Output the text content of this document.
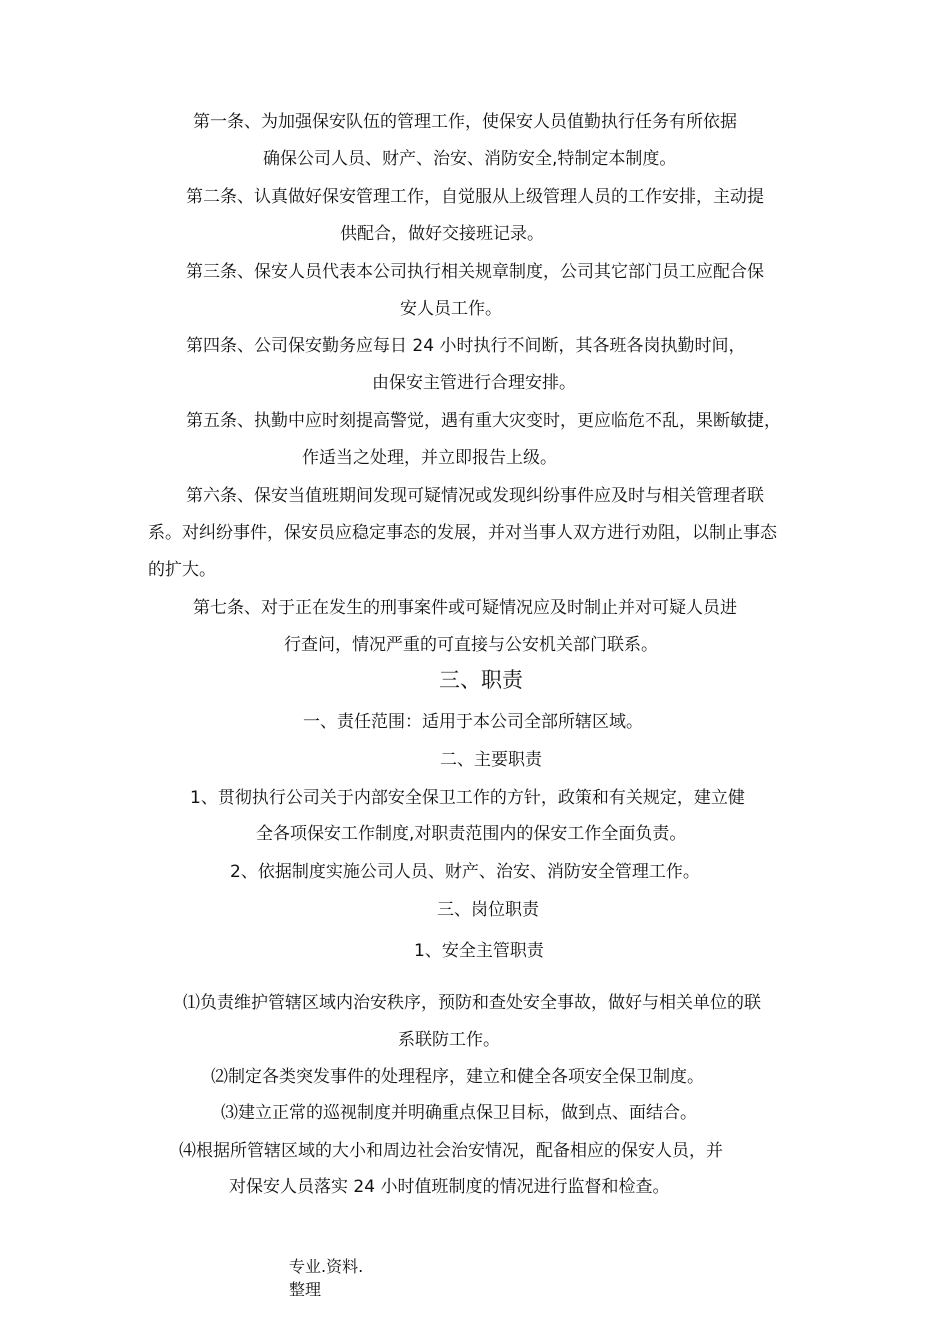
第一条、为加强保安队伍的管理工作，使保安人员值勤执行任务有所依据
确保公司人员、财产、治安、消防安全,特制定本制度。
第二条、认真做好保安管理工作，自觉服从上级管理人员的工作安排，主动提
供配合，做好交接班记录。
第三条、保安人员代表本公司执行相关规章制度，公司其它部门员工应配合保
安人员工作。
第四条、公司保安勤务应每日 24 小时执行不间断，其各班各岗执勤时间，
由保安主管进行合理安排。
第五条、执勤中应时刻提高警觉，遇有重大灾变时，更应临危不乱，果断敏捷，
作适当之处理，并立即报告上级。
第六条、保安当值班期间发现可疑情况或发现纠纷事件应及时与相关管理者联
系。对纠纷事件，保安员应稳定事态的发展，并对当事人双方进行劝阻，以制止事态
的扩大。
第七条、对于正在发生的刑事案件或可疑情况应及时制止并对可疑人员进
行查问，情况严重的可直接与公安机关部门联系。
三、职责
一、责任范围：适用于本公司全部所辖区域。
二、主要职责
1、贯彻执行公司关于内部安全保卫工作的方针，政策和有关规定，建立健
全各项保安工作制度,对职责范围内的保安工作全面负责。
2、依据制度实施公司人员、财产、治安、消防安全管理工作。
三、岗位职责
1、安全主管职责
⑴负责维护管辖区域内治安秩序，预防和查处安全事故，做好与相关单位的联
系联防工作。
⑵制定各类突发事件的处理程序，建立和健全各项安全保卫制度。
⑶建立正常的巡视制度并明确重点保卫目标，做到点、面结合。
⑷根据所管辖区域的大小和周边社会治安情况，配备相应的保安人员，并
对保安人员落实 24 小时值班制度的情况进行监督和检查。
专业.资料.
整理
